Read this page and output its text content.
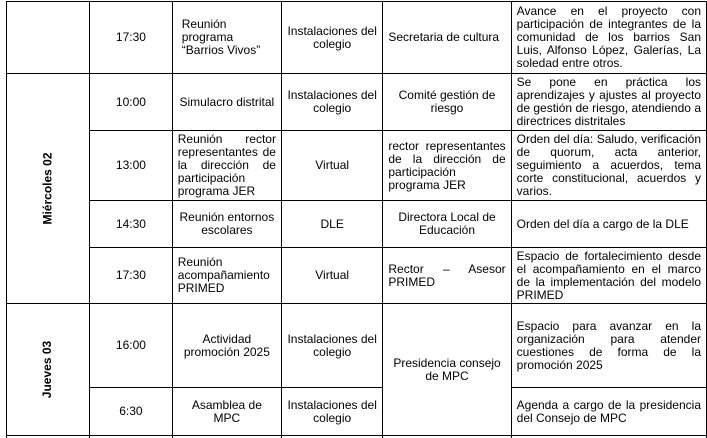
	17:30	Reunión programa “Barrios Vivos”	Instalaciones del colegio	Secretaria de cultura	Avance en el proyecto con participación de integrantes de la comunidad de los barrios San Luis, Alfonso López, Galerías, La soledad entre otros.
Miércoles 02	10:00	Simulacro distrital	Instalaciones del colegio	Comité gestión de riesgo	Se pone en práctica los aprendizajes y ajustes al proyecto de gestión de riesgo, atendiendo a directrices distritales
	13:00	Reunión rector representantes de la dirección de participación programa JER	Virtual	rector representantes de la dirección de participación programa JER	Orden del día: Saludo, verificación de quorum, acta anterior, seguimiento a acuerdos, tema corte constitucional, acuerdos y varios.
	14:30	Reunión entornos escolares	DLE	Directora Local de Educación	Orden del día a cargo de la DLE
	17:30	Reunión acompañamiento PRIMED	Virtual	Rector – Asesor PRIMED	Espacio de fortalecimiento desde el acompañamiento en el marco de la implementación del modelo PRIMED
Jueves 03	16:00	Actividad promoción 2025	Instalaciones del colegio	Presidencia consejo de MPC	Espacio para avanzar en la organización para atender cuestiones de forma de la promoción 2025
	6:30	Asamblea de MPC	Instalaciones del colegio		Agenda a cargo de la presidencia del Consejo de MPC
